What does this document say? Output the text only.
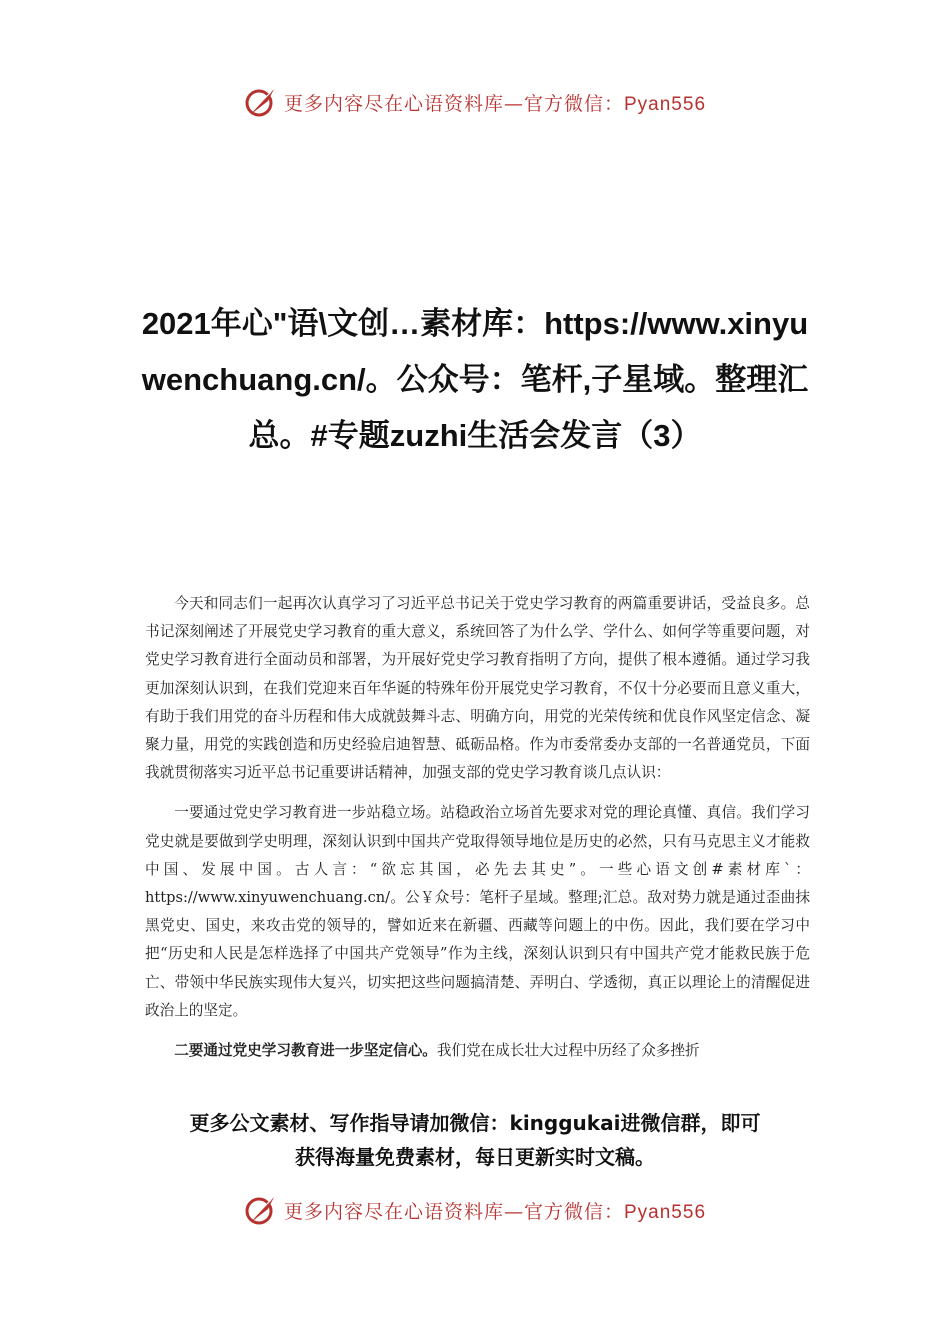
更多内容尽在心语资料库—官方微信：Pyan556
2021年心"语\文创…素材库：https://www.xinyuwenchuang.cn/。公众号：笔杆,子星域。整理汇总。#专题zuzhi生活会发言（3）

今天和同志们一起再次认真学习了习近平总书记关于党史学习教育的两篇重要讲话，受益良多。总书记深刻阐述了开展党史学习教育的重大意义，系统回答了为什么学、学什么、如何学等重要问题，对党史学习教育进行全面动员和部署，为开展好党史学习教育指明了方向，提供了根本遵循。通过学习我更加深刻认识到，在我们党迎来百年华诞的特殊年份开展党史学习教育，不仅十分必要而且意义重大，有助于我们用党的奋斗历程和伟大成就鼓舞斗志、明确方向，用党的光荣传统和优良作风坚定信念、凝聚力量，用党的实践创造和历史经验启迪智慧、砥砺品格。作为市委常委办支部的一名普通党员，下面我就贯彻落实习近平总书记重要讲话精神，加强支部的党史学习教育谈几点认识：

一要通过党史学习教育进一步站稳立场。站稳政治立场首先要求对党的理论真懂、真信。我们学习党史就是要做到学史明理，深刻认识到中国共产党取得领导地位是历史的必然，只有马克思主义才能救中国、发展中国。古人言：“欲忘其国，必先去其史”。一些心语文创#素材库`：https://www.xinyuwenchuang.cn/。公￥众号：笔杆子星域。整理;汇总。敌对势力就是通过歪曲抹黑党史、国史，来攻击党的领导的，譬如近来在新疆、西藏等问题上的中伤。因此，我们要在学习中把“历史和人民是怎样选择了中国共产党领导”作为主线，深刻认识到只有中国共产党才能救民族于危亡、带领中华民族实现伟大复兴，切实把这些问题搞清楚、弄明白、学透彻，真正以理论上的清醒促进政治上的坚定。

二要通过党史学习教育进一步坚定信心。我们党在成长壮大过程中历经了众多挫折

更多公文素材、写作指导请加微信：kinggukai进微信群，即可
获得海量免费素材，每日更新实时文稿。
更多内容尽在心语资料库—官方微信：Pyan556
